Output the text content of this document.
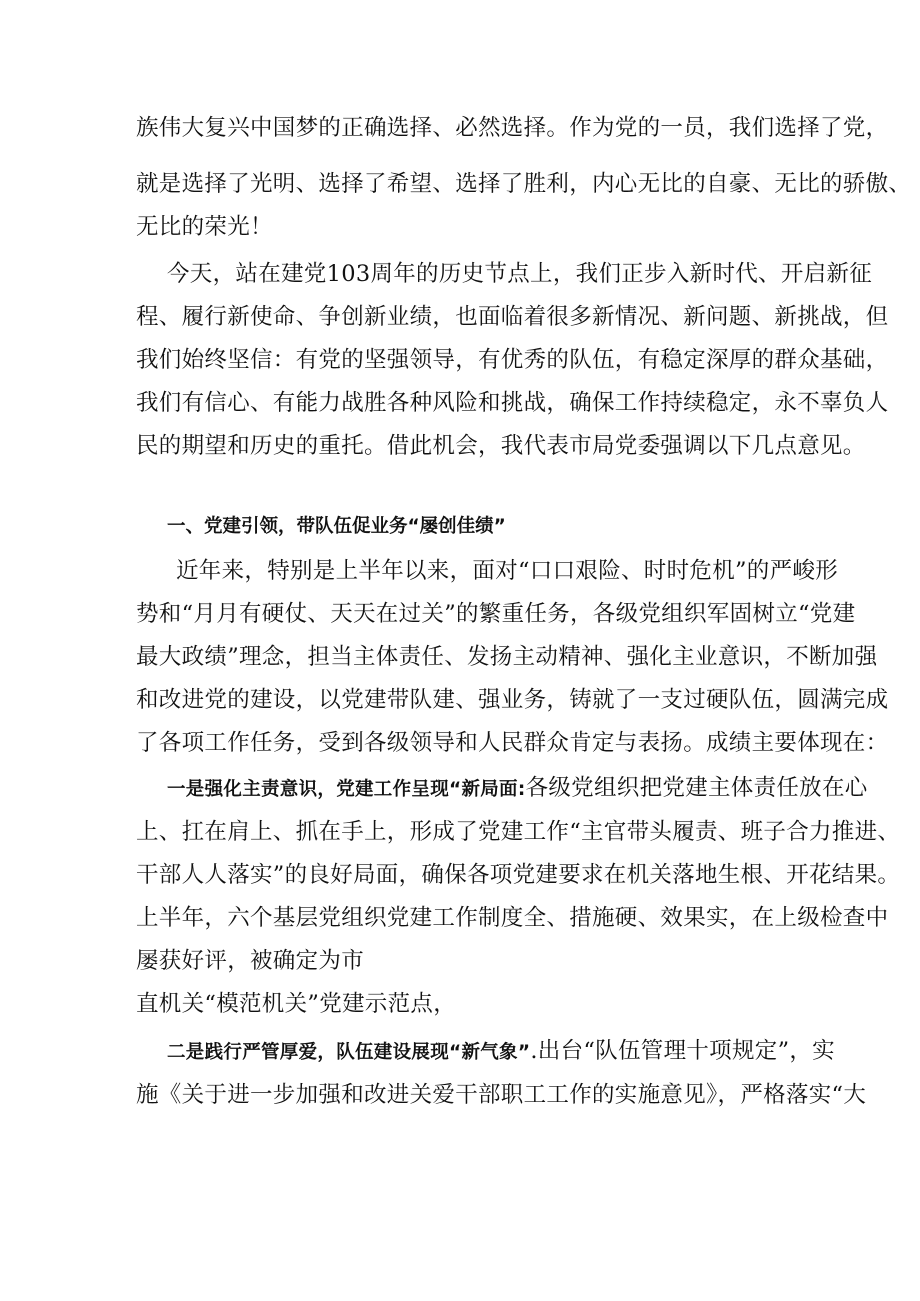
族伟大复兴中国梦的正确选择、必然选择。作为党的一员，我们选择了党，
就是选择了光明、选择了希望、选择了胜利，内心无比的自豪、无比的骄傲、
无比的荣光！
今天，站在建党103周年的历史节点上，我们正步入新时代、开启新征
程、履行新使命、争创新业绩，也面临着很多新情况、新问题、新挑战，但
我们始终坚信：有党的坚强领导，有优秀的队伍，有稳定深厚的群众基础，
我们有信心、有能力战胜各种风险和挑战，确保工作持续稳定，永不辜负人
民的期望和历史的重托。借此机会，我代表市局党委强调以下几点意见。
一、党建引领，带队伍促业务“屡创佳绩”
近年来，特别是上半年以来，面对“口口艰险、时时危机”的严峻形
势和“月月有硬仗、天天在过关”的繁重任务，各级党组织军固树立“党建
最大政绩”理念，担当主体责任、发扬主动精神、强化主业意识，不断加强
和改进党的建设，以党建带队建、强业务，铸就了一支过硬队伍，圆满完成
了各项工作任务，受到各级领导和人民群众肯定与表扬。成绩主要体现在：
一是强化主责意识，党建工作呈现“新局面:各级党组织把党建主体责任放在心
上、扛在肩上、抓在手上，形成了党建工作“主官带头履责、班子合力推进、
干部人人落实”的良好局面，确保各项党建要求在机关落地生根、开花结果。
上半年，六个基层党组织党建工作制度全、措施硬、效果实，在上级检查中
屡获好评，被确定为市
直机关“模范机关”党建示范点，
二是践行严管厚爱，队伍建设展现“新气象”.出台“队伍管理十项规定”，实
施《关于进一步加强和改进关爱干部职工工作的实施意见》，严格落实“大
